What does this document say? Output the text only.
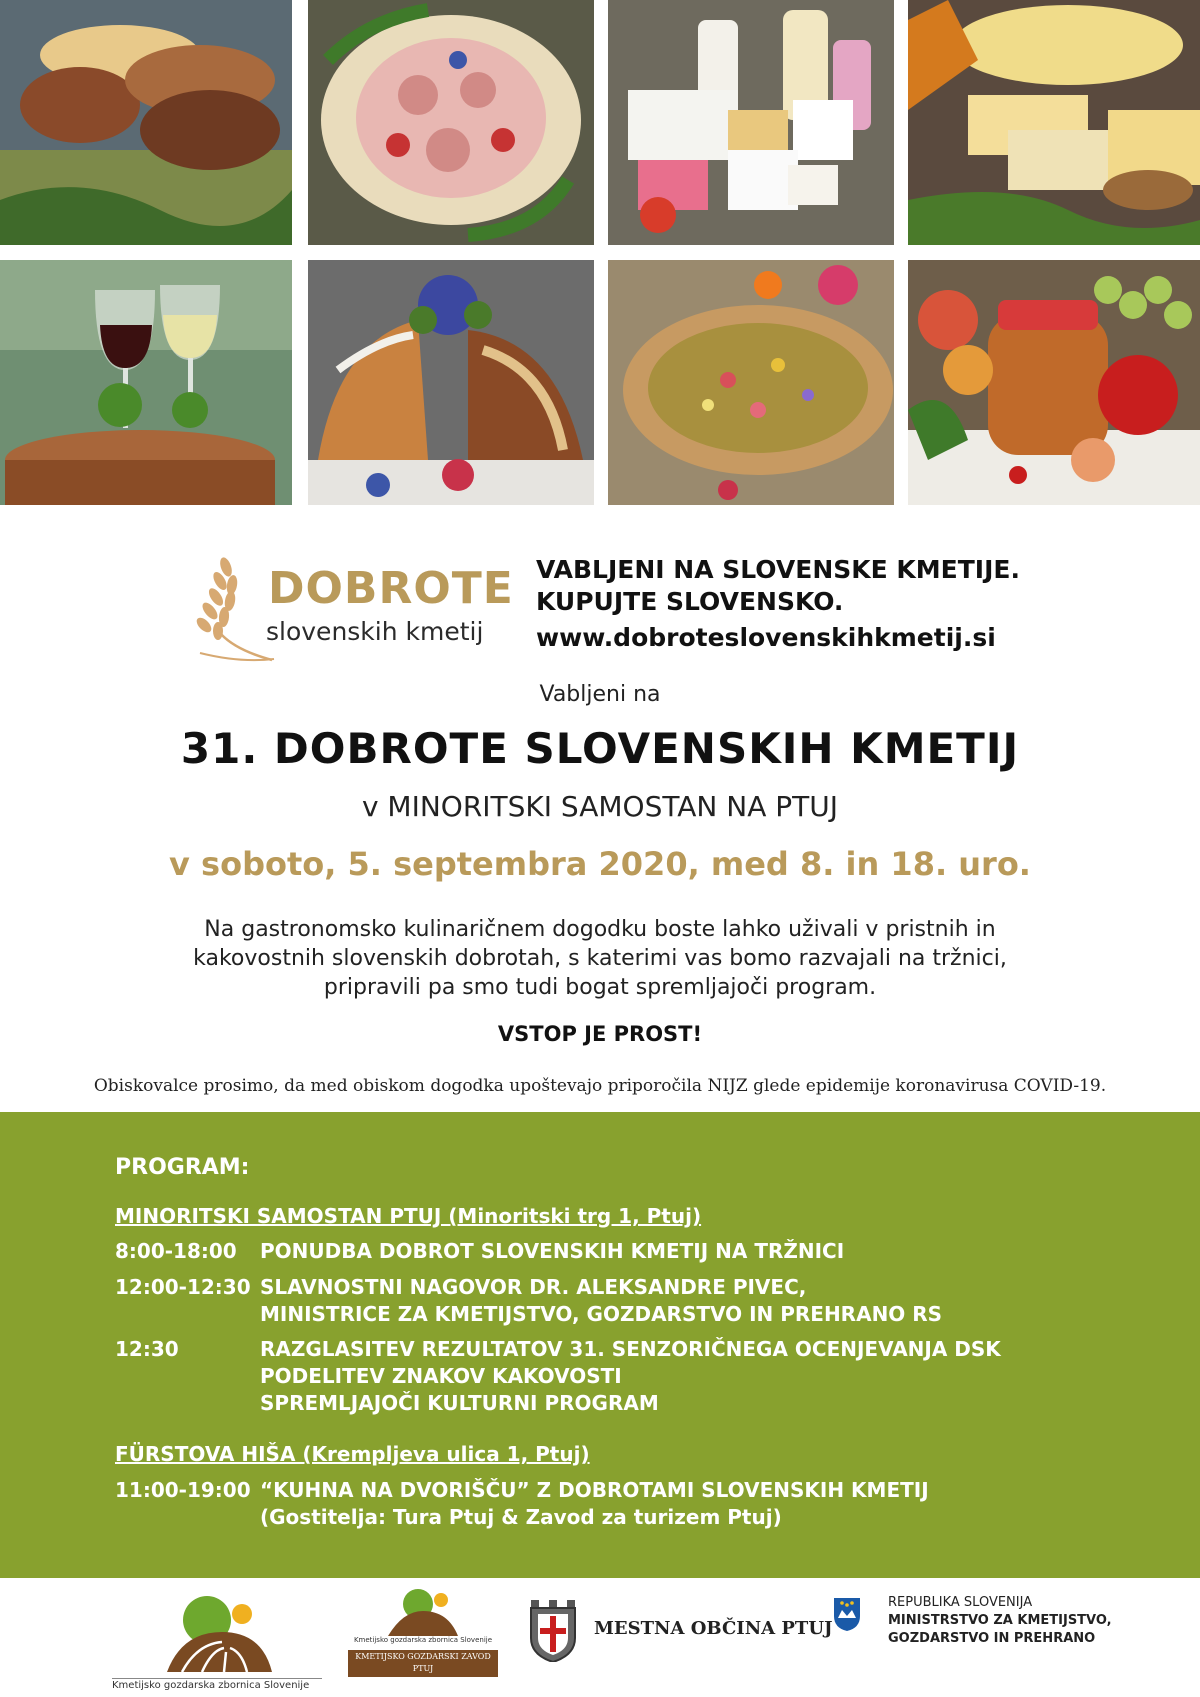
DOBROTE
slovenskih kmetij
VABLJENI NA SLOVENSKE KMETIJE.
KUPUJTE SLOVENSKO.
www.dobroteslovenskihkmetij.si
Vabljeni na
31. DOBROTE SLOVENSKIH KMETIJ
v MINORITSKI SAMOSTAN NA PTUJ
v soboto, 5. septembra 2020, med 8. in 18. uro.
Na gastronomsko kulinaričnem dogodku boste lahko uživali v pristnih in
kakovostnih slovenskih dobrotah, s katerimi vas bomo razvajali na tržnici,
pripravili pa smo tudi bogat spremljajoči program.
VSTOP JE PROST!
Obiskovalce prosimo, da med obiskom dogodka upoštevajo priporočila NIJZ glede epidemije koronavirusa COVID-19.
PROGRAM:
MINORITSKI SAMOSTAN PTUJ (Minoritski trg 1, Ptuj)
8:00-18:00	PONUDBA DOBROT SLOVENSKIH KMETIJ NA TRŽNICI
12:00-12:30 SLAVNOSTNI NAGOVOR DR. ALEKSANDRE PIVEC,
MINISTRICE ZA KMETIJSTVO, GOZDARSTVO IN PREHRANO RS
12:30	RAZGLASITEV REZULTATOV 31. SENZORIČNEGA OCENJEVANJA DSK
PODELITEV ZNAKOV KAKOVOSTI
SPREMLJAJOČI KULTURNI PROGRAM
FÜRSTOVA HIŠA (Krempljeva ulica 1, Ptuj)
11:00-19:00 “KUHNA NA DVORIŠČU” Z DOBROTAMI SLOVENSKIH KMETIJ
(Gostitelja: Tura Ptuj & Zavod za turizem Ptuj)
Kmetijsko gozdarska zbornica Slovenije
Kmetijsko gozdarska zbornica Slovenije
KMETIJSKO GOZDARSKI ZAVOD
PTUJ
MESTNA OBČINA PTUJ
REPUBLIKA SLOVENIJA
MINISTRSTVO ZA KMETIJSTVO,
GOZDARSTVO IN PREHRANO
